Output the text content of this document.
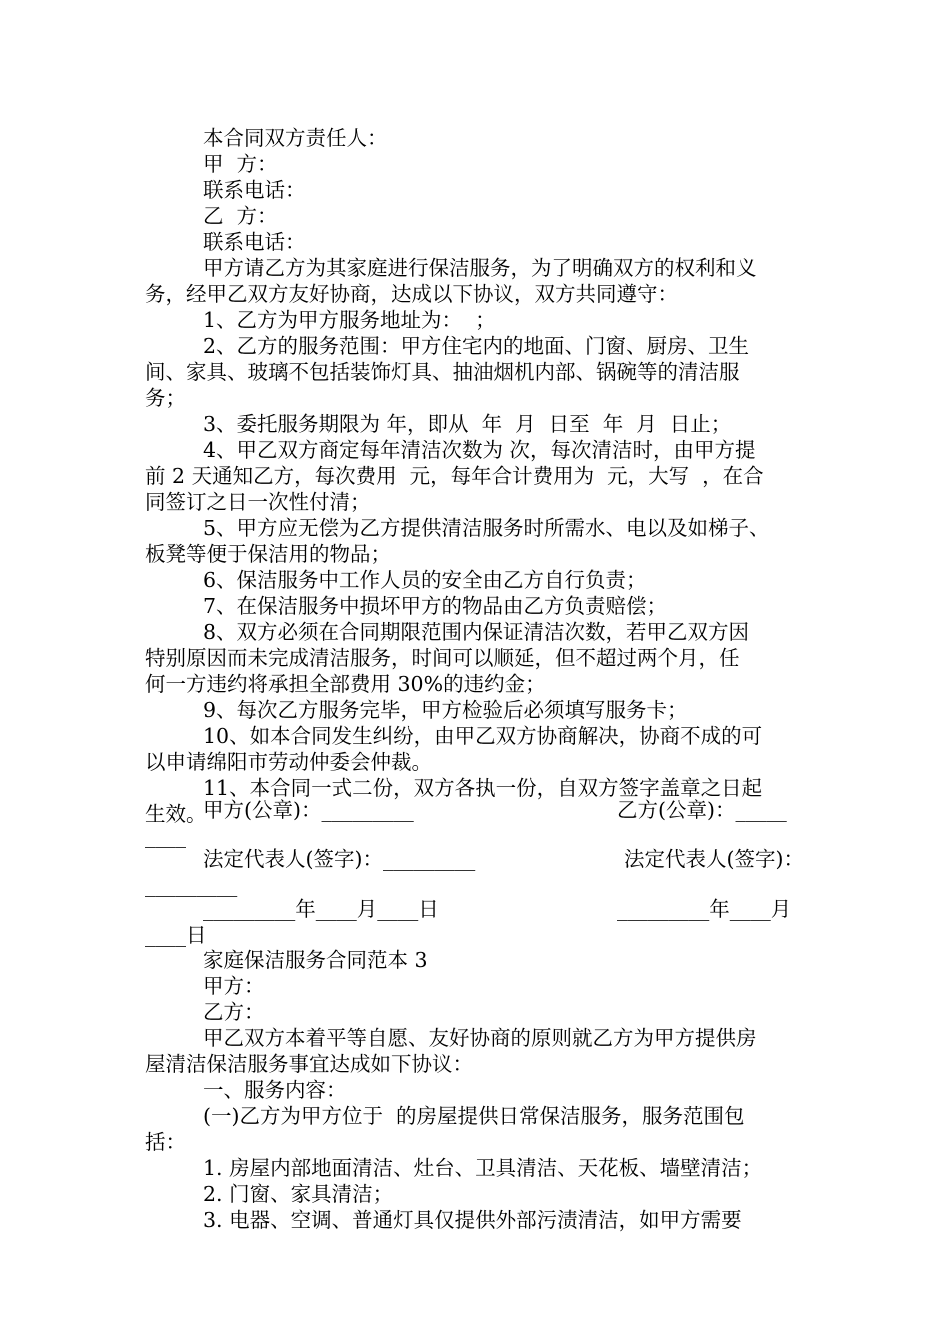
本合同双方责任人：
甲  方：
联系电话：
乙  方：
联系电话：
甲方请乙方为其家庭进行保洁服务，为了明确双方的权利和义
务，经甲乙双方友好协商，达成以下协议，双方共同遵守：
1、乙方为甲方服务地址为：  ；
2、乙方的服务范围：甲方住宅内的地面、门窗、厨房、卫生
间、家具、玻璃不包括装饰灯具、抽油烟机内部、锅碗等的清洁服
务；
3、委托服务期限为 年，即从  年  月  日至  年  月  日止；
4、甲乙双方商定每年清洁次数为 次，每次清洁时，由甲方提
前 2 天通知乙方，每次费用  元，每年合计费用为  元，大写  ，在合
同签订之日一次性付清；
5、甲方应无偿为乙方提供清洁服务时所需水、电以及如梯子、
板凳等便于保洁用的物品；
6、保洁服务中工作人员的安全由乙方自行负责；
7、在保洁服务中损坏甲方的物品由乙方负责赔偿；
8、双方必须在合同期限范围内保证清洁次数，若甲乙双方因
特别原因而未完成清洁服务，时间可以顺延，但不超过两个月，任
何一方违约将承担全部费用 30%的违约金；
9、每次乙方服务完毕，甲方检验后必须填写服务卡；
10、如本合同发生纠纷，由甲乙双方协商解决，协商不成的可
以申请绵阳市劳动仲委会仲裁。
11、本合同一式二份，双方各执一份，自双方签字盖章之日起
生效。
甲方(公章)：_________	乙方(公章)：_____
____
法定代表人(签字)：_________	法定代表人(签字)：
_________
_________年____月____日	_________年____月
____日
家庭保洁服务合同范本 3
甲方：
乙方：
甲乙双方本着平等自愿、友好协商的原则就乙方为甲方提供房
屋清洁保洁服务事宜达成如下协议：
一、服务内容：
(一)乙方为甲方位于  的房屋提供日常保洁服务，服务范围包
括：
1. 房屋内部地面清洁、灶台、卫具清洁、天花板、墙壁清洁；
2. 门窗、家具清洁；
3. 电器、空调、普通灯具仅提供外部污渍清洁，如甲方需要
